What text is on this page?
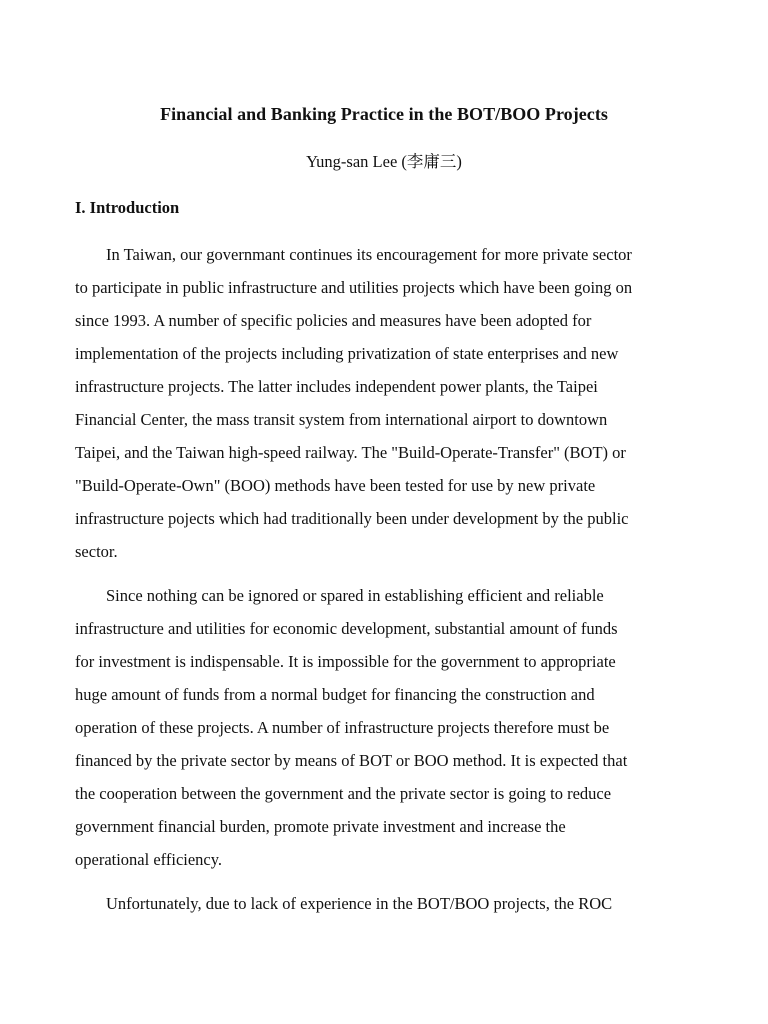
Financial and Banking Practice in the BOT/BOO Projects

Yung-san Lee (李庸三)

I. Introduction
In Taiwan, our governmant continues its encouragement for more private sector
to participate in public infrastructure and utilities projects which have been going on
since 1993. A number of specific policies and measures have been adopted for
implementation of the projects including privatization of state enterprises and new
infrastructure projects. The latter includes independent power plants, the Taipei
Financial Center, the mass transit system from international airport to downtown
Taipei, and the Taiwan high-speed railway. The "Build-Operate-Transfer" (BOT) or
"Build-Operate-Own" (BOO) methods have been tested for use by new private
infrastructure pojects which had traditionally been under development by the public
sector.
Since nothing can be ignored or spared in establishing efficient and reliable
infrastructure and utilities for economic development, substantial amount of funds
for investment is indispensable. It is impossible for the government to appropriate
huge amount of funds from a normal budget for financing the construction and
operation of these projects. A number of infrastructure projects therefore must be
financed by the private sector by means of BOT or BOO method. It is expected that
the cooperation between the government and the private sector is going to reduce
government financial burden, promote private investment and increase the
operational efficiency.
Unfortunately, due to lack of experience in the BOT/BOO projects, the ROC
